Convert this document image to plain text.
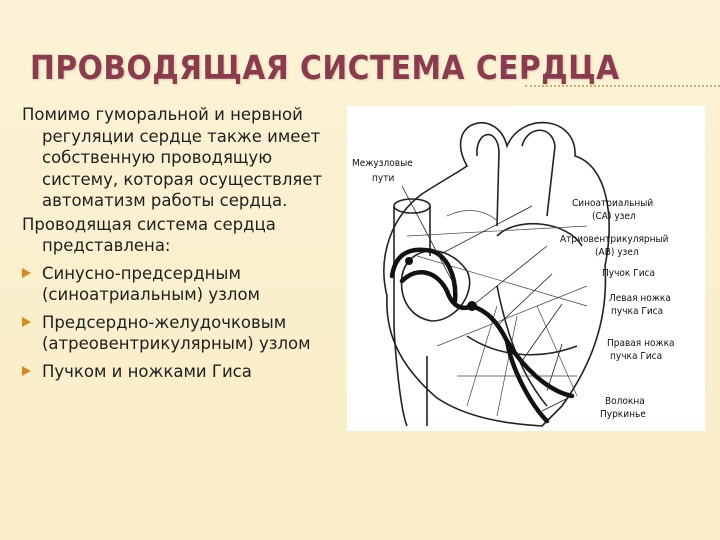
ПРОВОДЯЩАЯ СИСТЕМА СЕРДЦА

Помимо гуморальной и нервной регуляции сердце также имеет собственную проводящую систему, которая осуществляет автоматизм работы сердца.

Проводящая система сердца представлена:

Синусно-предсердным (синоатриальным) узлом
Предсердно-желудочковым (атреовентрикулярным) узлом
Пучком и ножками Гиса
Межузловые
пути
Синоатриальный
(СА) узел
Атриовентрикулярный
(АВ) узел
Пучок Гиса
Левая ножка
пучка Гиса
Правая ножка
пучка Гиса
Волокна
Пуркинье
